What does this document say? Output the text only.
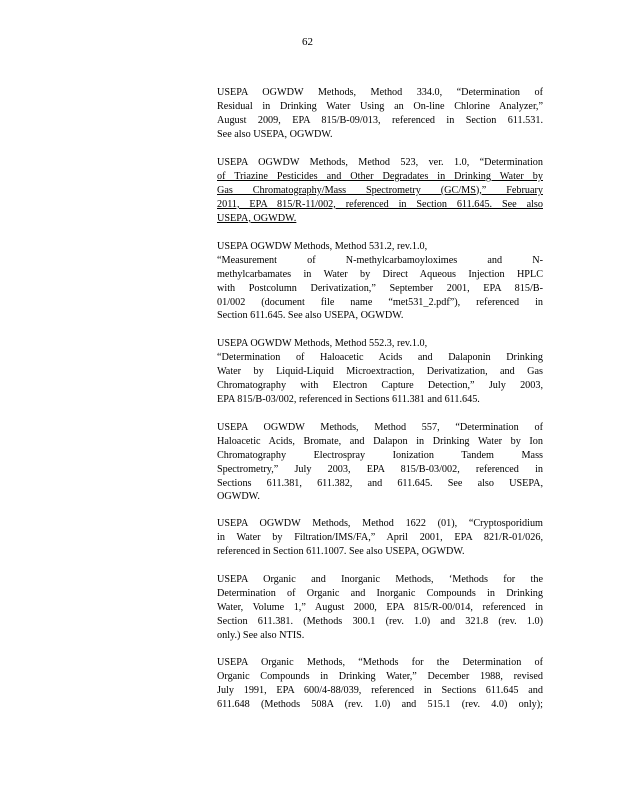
62
USEPA OGWDW Methods, Method 334.0, “Determination of
Residual in Drinking Water Using an On-line Chlorine Analyzer,”
August 2009, EPA 815/B-09/013, referenced in Section 611.531.
See also USEPA, OGWDW.
USEPA OGWDW Methods, Method 523, ver. 1.0, “Determination
of Triazine Pesticides and Other Degradates in Drinking Water by
Gas Chromatography/Mass Spectrometry (GC/MS),” February
2011, EPA 815/R-11/002, referenced in Section 611.645. See also
USEPA, OGWDW.
USEPA OGWDW Methods, Method 531.2, rev.1.0,
“Measurement of N-methylcarbamoyloximes and N-
methylcarbamates in Water by Direct Aqueous Injection HPLC
with Postcolumn Derivatization,” September 2001, EPA 815/B-
01/002 (document file name “met531_2.pdf”), referenced in
Section 611.645. See also USEPA, OGWDW.
USEPA OGWDW Methods, Method 552.3, rev.1.0,
“Determination of Haloacetic Acids and Dalaponin Drinking
Water by Liquid-Liquid Microextraction, Derivatization, and Gas
Chromatography with Electron Capture Detection,” July 2003,
EPA 815/B-03/002, referenced in Sections 611.381 and 611.645.
USEPA OGWDW Methods, Method 557, “Determination of
Haloacetic Acids, Bromate, and Dalapon in Drinking Water by Ion
Chromatography Electrospray Ionization Tandem Mass
Spectrometry,” July 2003, EPA 815/B-03/002, referenced in
Sections 611.381, 611.382, and 611.645. See also USEPA,
OGWDW.
USEPA OGWDW Methods, Method 1622 (01), “Cryptosporidium
in Water by Filtration/IMS/FA,” April 2001, EPA 821/R-01/026,
referenced in Section 611.1007. See also USEPA, OGWDW.
USEPA Organic and Inorganic Methods, ‘Methods for the
Determination of Organic and Inorganic Compounds in Drinking
Water, Volume 1,” August 2000, EPA 815/R-00/014, referenced in
Section 611.381. (Methods 300.1 (rev. 1.0) and 321.8 (rev. 1.0)
only.) See also NTIS.
USEPA Organic Methods, “Methods for the Determination of
Organic Compounds in Drinking Water,” December 1988, revised
July 1991, EPA 600/4-88/039, referenced in Sections 611.645 and
611.648 (Methods 508A (rev. 1.0) and 515.1 (rev. 4.0) only);
